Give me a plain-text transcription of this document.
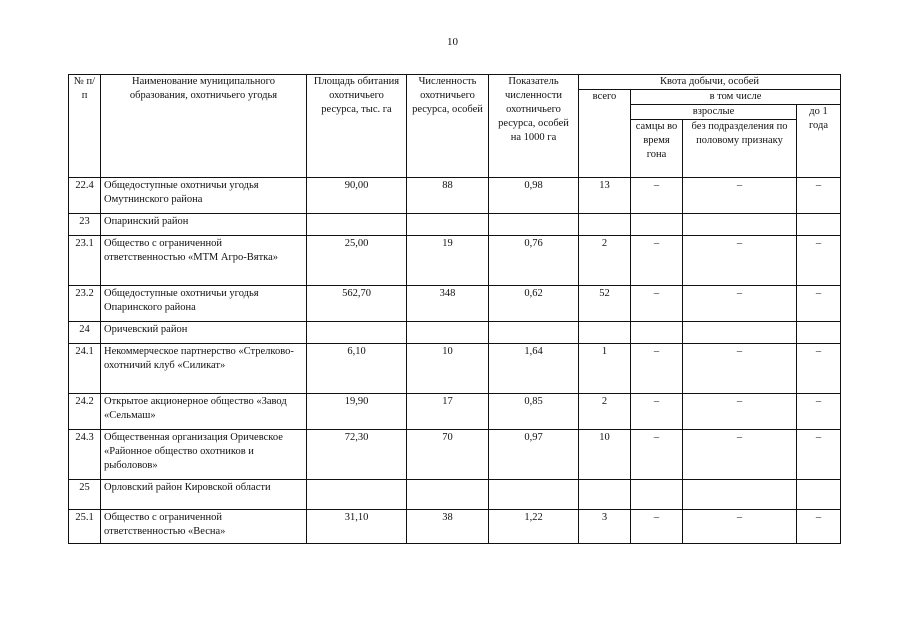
10
№ п/п	Наименование муниципального образования, охотничьего угодья	Площадь обитания охотничьего ресурса, тыс. га	Численность охотничьего ресурса, особей	Показатель численности охотничьего ресурса, особей на 1000 га	Квота добычи, особей			
					всего	в том числе		
						взрослые		до 1 года
						самцы во время гона	без подразделения по половому признаку	
22.4	Общедоступные охотничьи угодья Омутнинского района	90,00	88	0,98	13	–	–	–
23	Опаринский район							
23.1	Общество с ограниченной ответственностью «МТМ Агро-Вятка»	25,00	19	0,76	2	–	–	–
23.2	Общедоступные охотничьи угодья Опаринского района	562,70	348	0,62	52	–	–	–
24	Оричевский район							
24.1	Некоммерческое партнерство «Стрелково-охотничий клуб «Силикат»	6,10	10	1,64	1	–	–	–
24.2	Открытое акционерное общество «Завод «Сельмаш»	19,90	17	0,85	2	–	–	–
24.3	Общественная организация Оричевское «Районное общество охотников и рыболовов»	72,30	70	0,97	10	–	–	–
25	Орловский район Кировской области							
25.1	Общество с ограниченной ответственностью «Весна»	31,10	38	1,22	3	–	–	–
